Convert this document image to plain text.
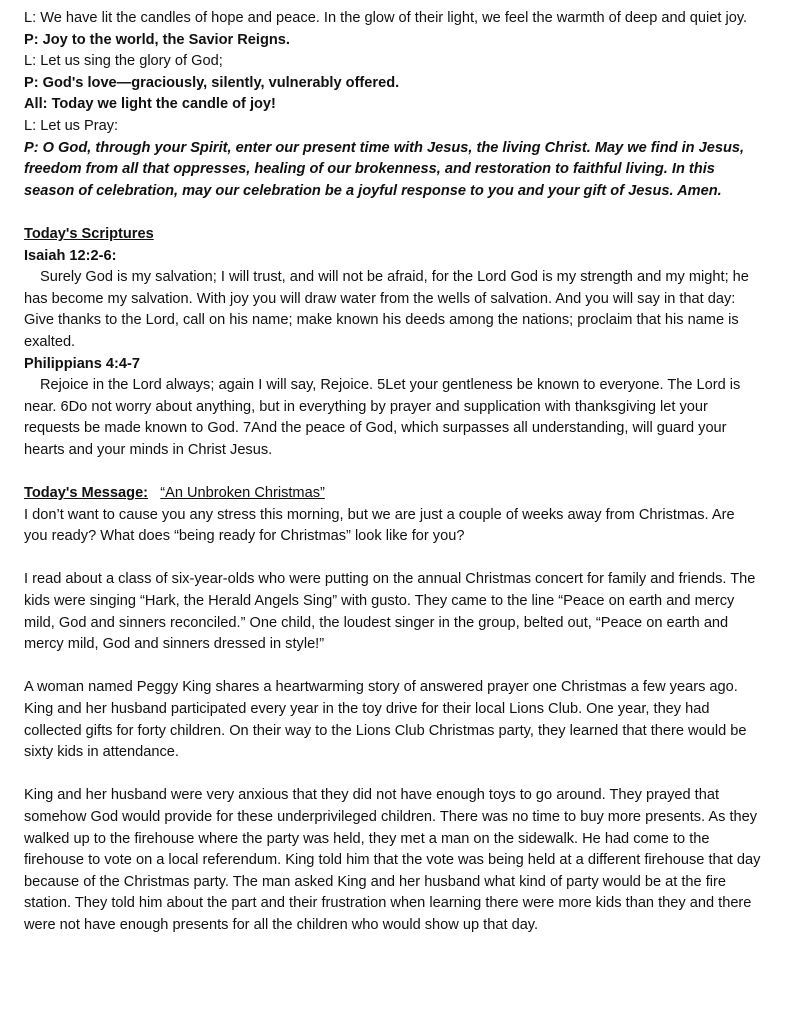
L: We have lit the candles of hope and peace. In the glow of their light, we feel the warmth of deep and quiet joy.

P: Joy to the world, the Savior Reigns.

L: Let us sing the glory of God;

P: God's love—graciously, silently, vulnerably offered.

All: Today we light the candle of joy!

L: Let us Pray:

P: O God, through your Spirit, enter our present time with Jesus, the living Christ. May we find in Jesus, freedom from all that oppresses, healing of our brokenness, and restoration to faithful living. In this season of celebration, may our celebration be a joyful response to you and your gift of Jesus. Amen.

Today's Scriptures

Isaiah 12:2-6:

Surely God is my salvation; I will trust, and will not be afraid, for the Lord God is my strength and my might; he has become my salvation. With joy you will draw water from the wells of salvation. And you will say in that day: Give thanks to the Lord, call on his name; make known his deeds among the nations; proclaim that his name is exalted.

Philippians 4:4-7

Rejoice in the Lord always; again I will say, Rejoice. 5Let your gentleness be known to everyone. The Lord is near. 6Do not worry about anything, but in everything by prayer and supplication with thanksgiving let your requests be made known to God. 7And the peace of God, which surpasses all understanding, will guard your hearts and your minds in Christ Jesus.

Today's Message: “An Unbroken Christmas”

I don’t want to cause you any stress this morning, but we are just a couple of weeks away from Christmas. Are you ready? What does “being ready for Christmas” look like for you?

I read about a class of six-year-olds who were putting on the annual Christmas concert for family and friends. The kids were singing “Hark, the Herald Angels Sing” with gusto. They came to the line “Peace on earth and mercy mild, God and sinners reconciled.” One child, the loudest singer in the group, belted out, “Peace on earth and mercy mild, God and sinners dressed in style!”

A woman named Peggy King shares a heartwarming story of answered prayer one Christmas a few years ago. King and her husband participated every year in the toy drive for their local Lions Club. One year, they had collected gifts for forty children. On their way to the Lions Club Christmas party, they learned that there would be sixty kids in attendance.

King and her husband were very anxious that they did not have enough toys to go around. They prayed that somehow God would provide for these underprivileged children. There was no time to buy more presents. As they walked up to the firehouse where the party was held, they met a man on the sidewalk. He had come to the firehouse to vote on a local referendum. King told him that the vote was being held at a different firehouse that day because of the Christmas party. The man asked King and her husband what kind of party would be at the fire station. They told him about the part and their frustration when learning there were more kids than they and there were not have enough presents for all the children who would show up that day.
